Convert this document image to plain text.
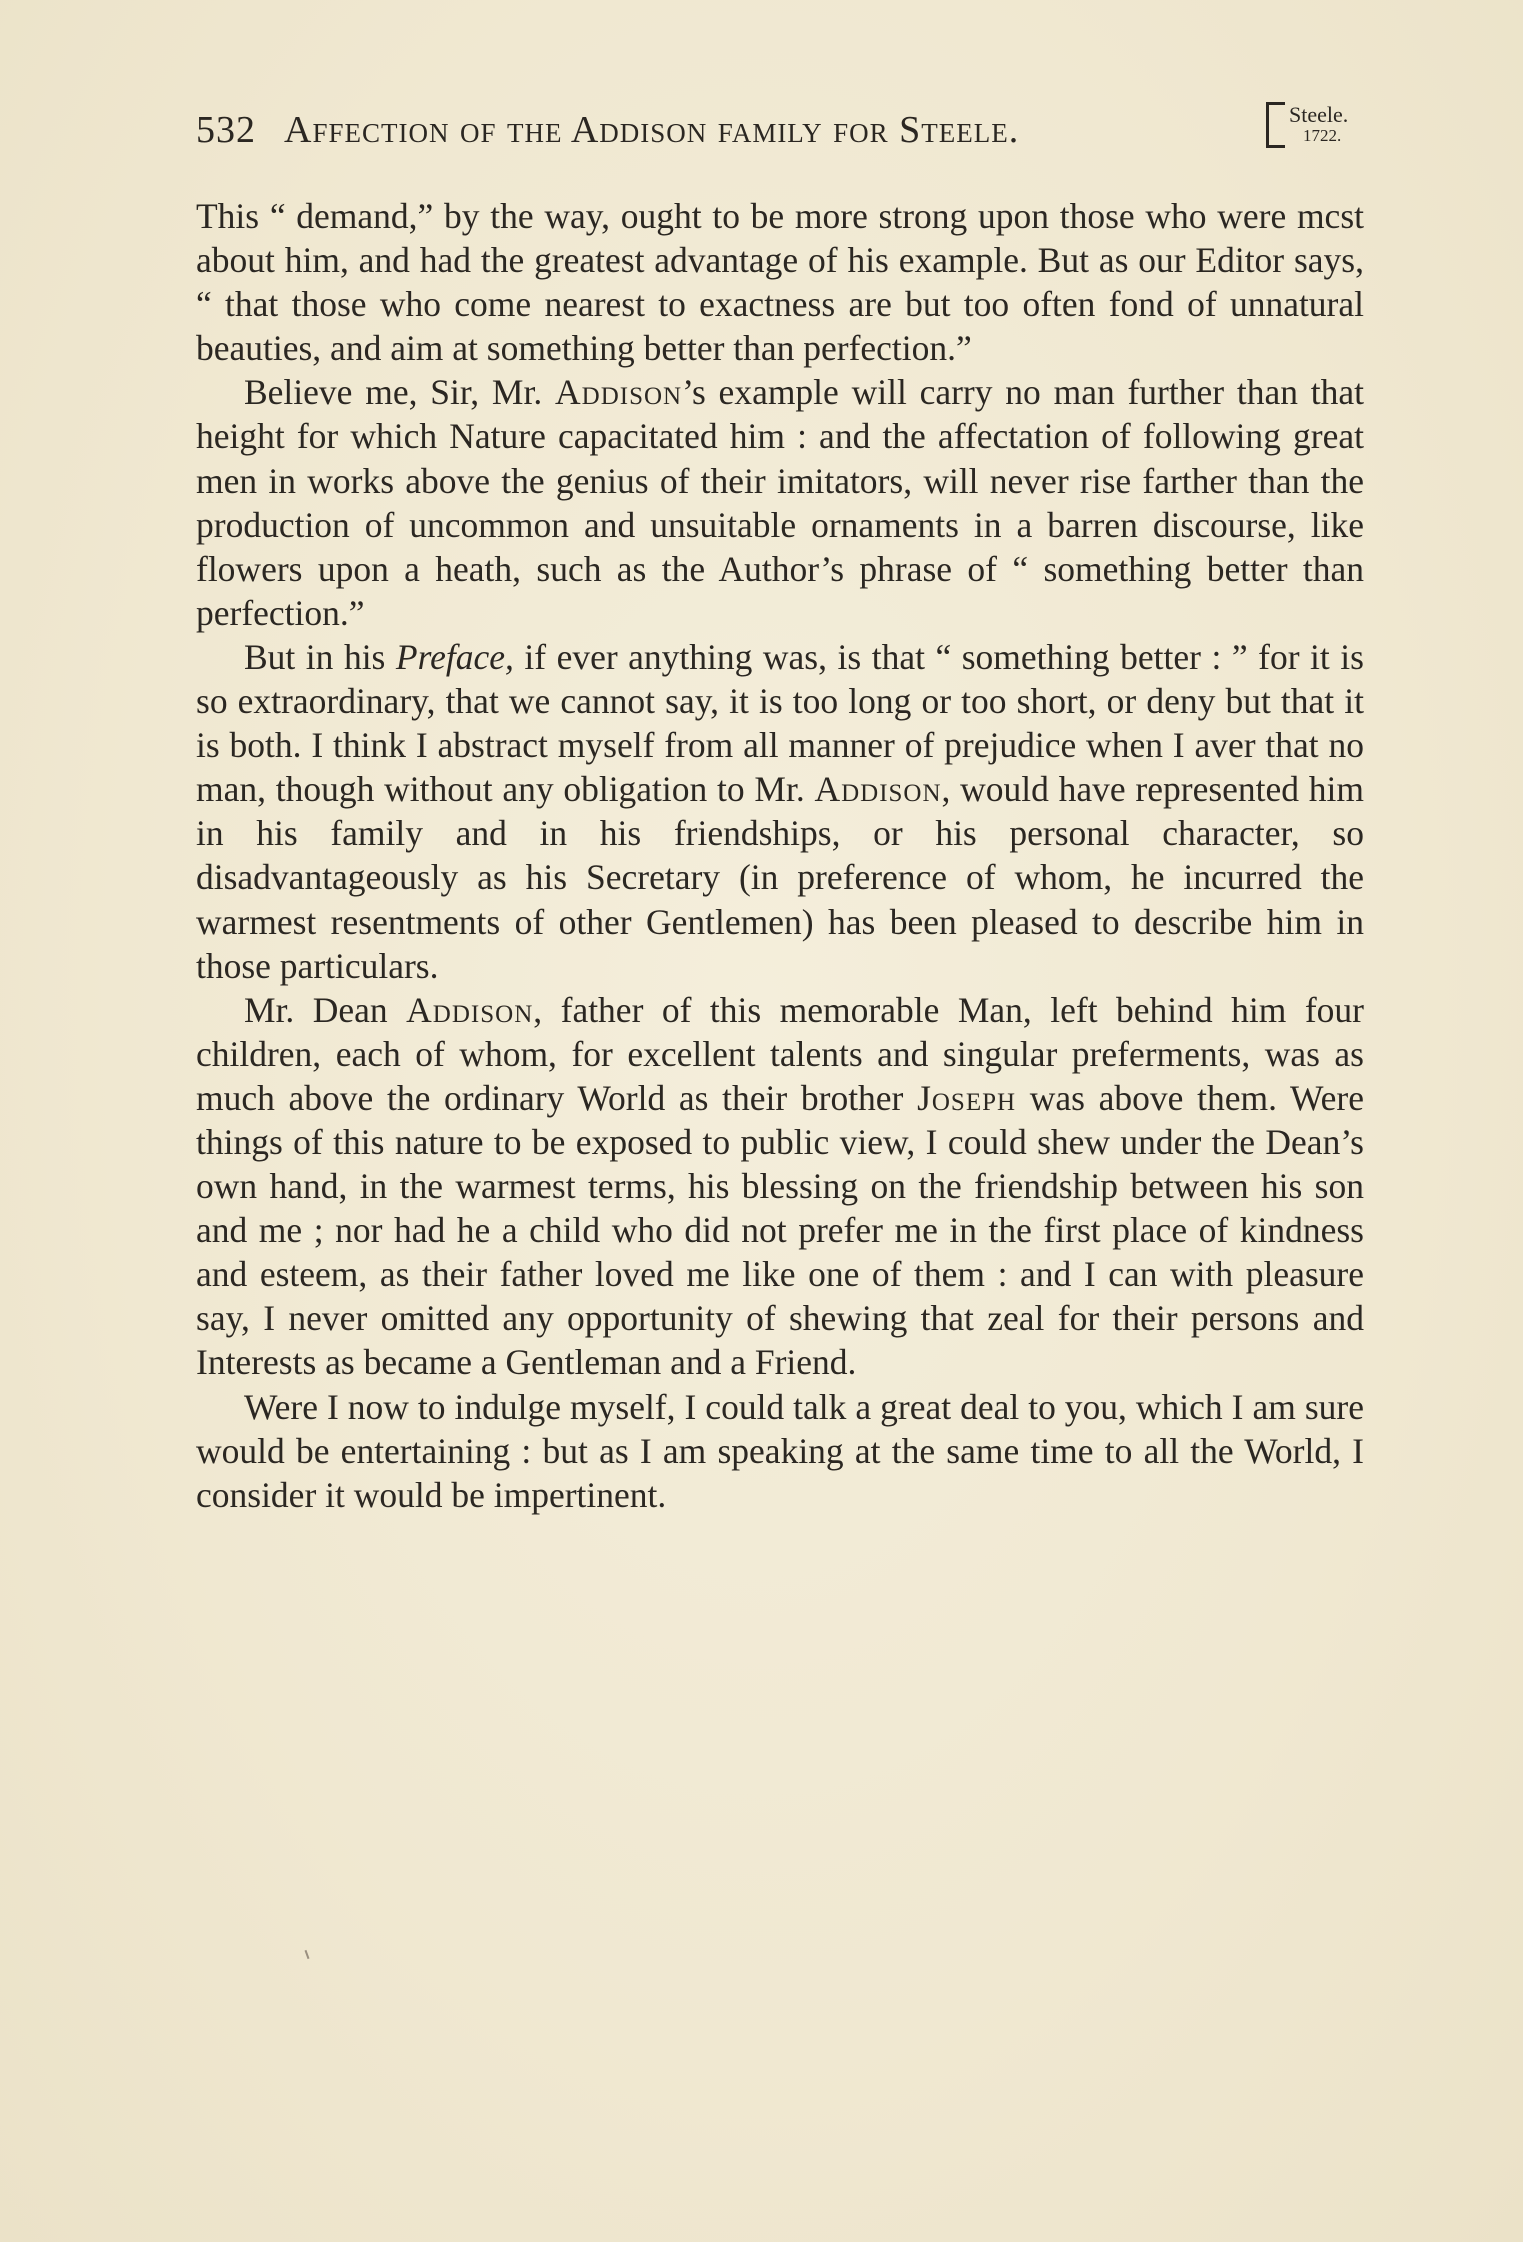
532 Affection of the Addison family for Steele.	Steele.
1722.

This “ demand,” by the way, ought to be more strong upon those who were mcst about him, and had the greatest advantage of his example. But as our Editor says, “ that those who come nearest to exactness are but too often fond of unnatural beauties, and aim at something better than perfection.”

Believe me, Sir, Mr. Addison’s example will carry no man further than that height for which Nature capacitated him : and the affectation of following great men in works above the genius of their imitators, will never rise farther than the production of uncommon and unsuitable ornaments in a barren discourse, like flowers upon a heath, such as the Author’s phrase of “ something better than perfection.”

But in his Preface, if ever anything was, is that “ something better : ” for it is so extraordinary, that we cannot say, it is too long or too short, or deny but that it is both. I think I abstract myself from all manner of prejudice when I aver that no man, though without any obligation to Mr. Addison, would have represented him in his family and in his friendships, or his personal character, so disadvantageously as his Secretary (in preference of whom, he incurred the warmest resentments of other Gentlemen) has been pleased to describe him in those particulars.

Mr. Dean Addison, father of this memorable Man, left behind him four children, each of whom, for excellent talents and singular preferments, was as much above the ordinary World as their brother Joseph was above them. Were things of this nature to be exposed to public view, I could shew under the Dean’s own hand, in the warmest terms, his blessing on the friendship between his son and me ; nor had he a child who did not prefer me in the first place of kindness and esteem, as their father loved me like one of them : and I can with pleasure say, I never omitted any opportunity of shewing that zeal for their persons and Interests as became a Gentleman and a Friend.

Were I now to indulge myself, I could talk a great deal to you, which I am sure would be entertaining : but as I am speaking at the same time to all the World, I consider it would be impertinent.
